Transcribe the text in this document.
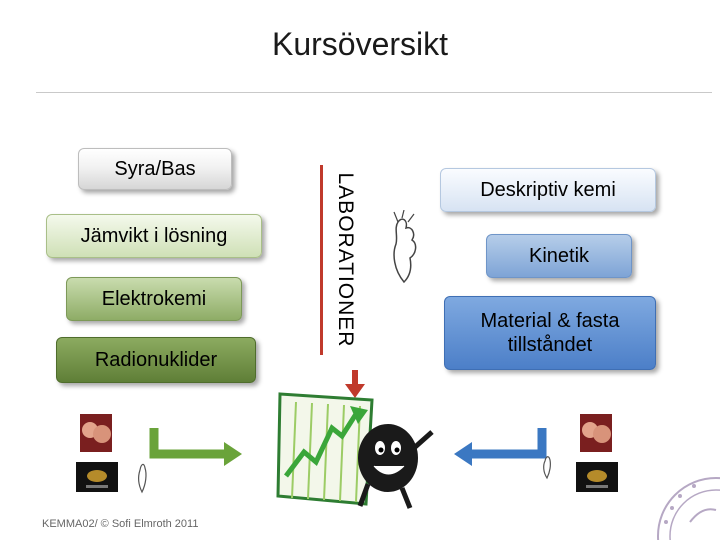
Kursöversikt
Syra/Bas
Jämvikt i lösning
Elektrokemi
Radionuklider
LABORATIONER	Deskriptiv kemi
Kinetik
Material & fasta tillståndet
KEMMA02/ © Sofi Elmroth 2011
